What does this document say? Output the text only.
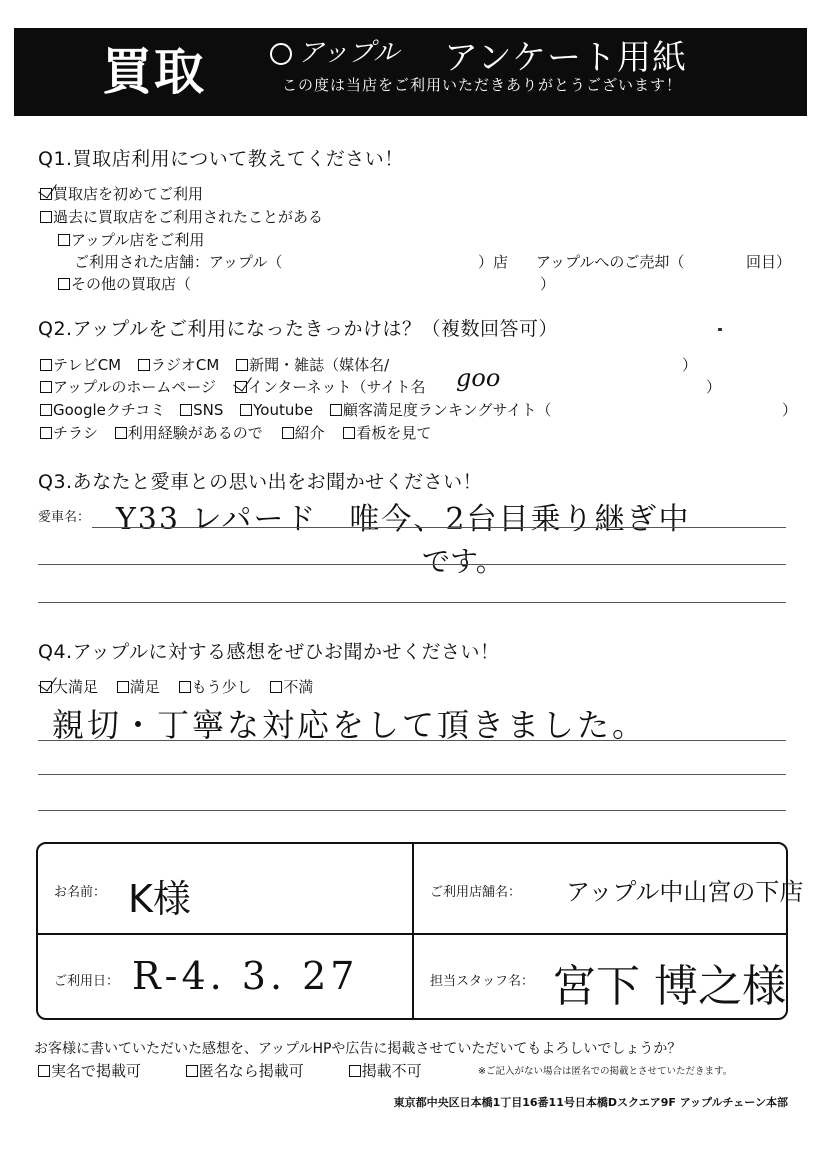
買取	アップル アンケート用紙
この度は当店をご利用いただきありがとうございます！
Q1.買取店利用について教えてください！
買取店を初めてご利用
過去に買取店をご利用されたことがある
アップル店をご利用
ご利用された店舗：アップル（	）店 アップルへのご売却（	回目）
その他の買取店（	）
Q2.アップルをご利用になったきっかけは？（複数回答可）
テレビCM ラジオCM 新聞・雑誌（媒体名/	）
アップルのホームページ インターネット（サイト名 goo	）
Googleクチコミ SNS Youtube 顧客満足度ランキングサイト（	）
チラシ 利用経験があるので 紹介 看板を見て
Q3.あなたと愛車との思い出をお聞かせください！
愛車名： Y33 レパード　唯今、2台目乗り継ぎ中
です。
Q4.アップルに対する感想をぜひお聞かせください！
大満足 満足 もう少し 不満
親切・丁寧な対応をして頂きました。
お名前： K様	ご利用店舗名： アップル中山宮の下店
ご利用日： R-4. 3. 27	担当スタッフ名： 宮下 博之様
お客様に書いていただいた感想を、アップルHPや広告に掲載させていただいてもよろしいでしょうか？
実名で掲載可	匿名なら掲載可	掲載不可	※ご記入がない場合は匿名での掲載とさせていただきます。
東京都中央区日本橋1丁目16番11号日本橋Dスクエア9F アップルチェーン本部
